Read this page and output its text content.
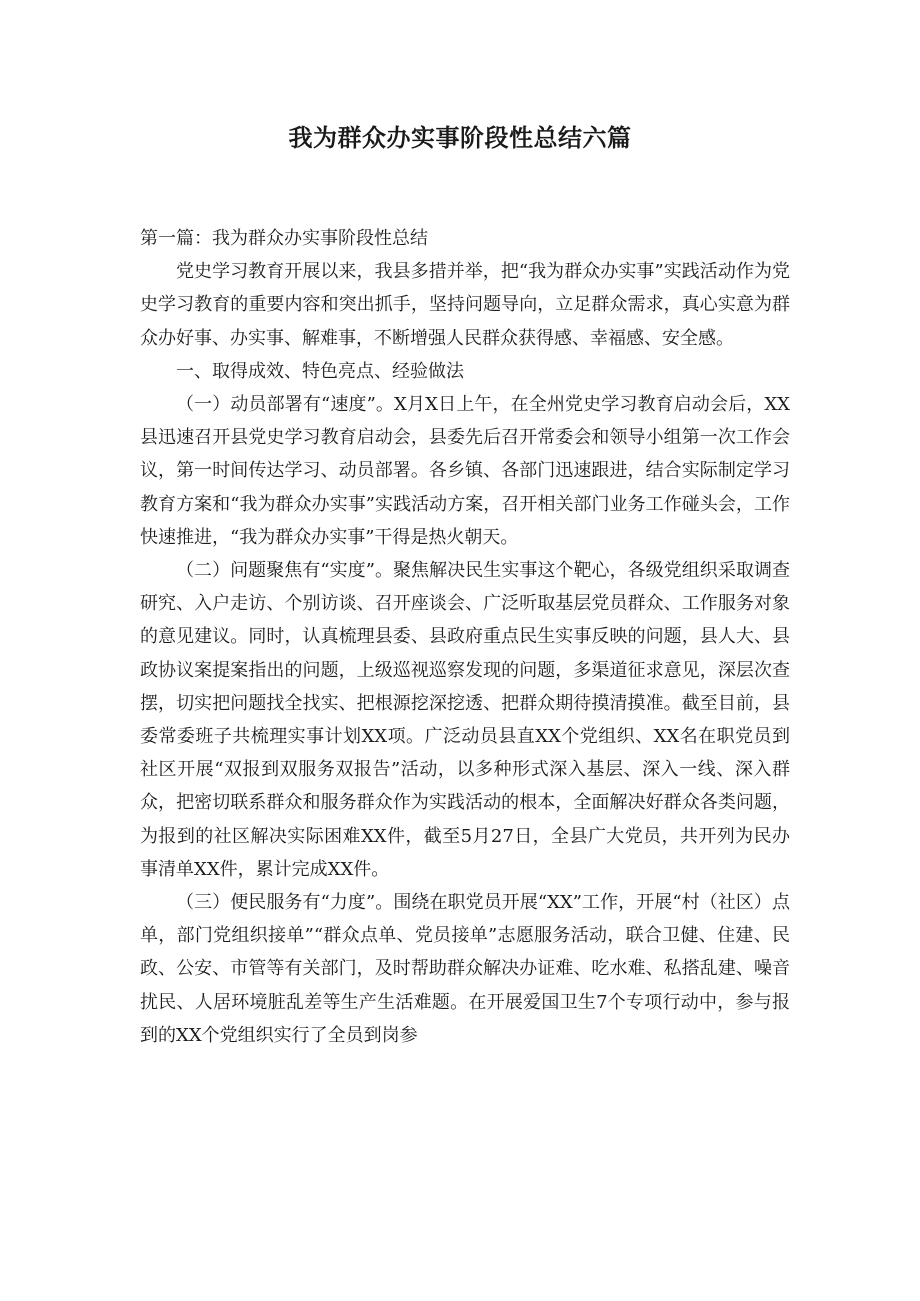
我为群众办实事阶段性总结六篇

第一篇：我为群众办实事阶段性总结

党史学习教育开展以来，我县多措并举，把“我为群众办实事”实践活动作为党史学习教育的重要内容和突出抓手，坚持问题导向，立足群众需求，真心实意为群众办好事、办实事、解难事，不断增强人民群众获得感、幸福感、安全感。

一、取得成效、特色亮点、经验做法

（一）动员部署有“速度”。X月X日上午，在全州党史学习教育启动会后，XX县迅速召开县党史学习教育启动会，县委先后召开常委会和领导小组第一次工作会议，第一时间传达学习、动员部署。各乡镇、各部门迅速跟进，结合实际制定学习教育方案和“我为群众办实事”实践活动方案，召开相关部门业务工作碰头会，工作快速推进，“我为群众办实事”干得是热火朝天。

（二）问题聚焦有“实度”。聚焦解决民生实事这个靶心，各级党组织采取调查研究、入户走访、个别访谈、召开座谈会、广泛听取基层党员群众、工作服务对象的意见建议。同时，认真梳理县委、县政府重点民生实事反映的问题，县人大、县政协议案提案指出的问题，上级巡视巡察发现的问题，多渠道征求意见，深层次查摆，切实把问题找全找实、把根源挖深挖透、把群众期待摸清摸准。截至目前，县委常委班子共梳理实事计划XX项。广泛动员县直XX个党组织、XX名在职党员到社区开展“双报到双服务双报告”活动，以多种形式深入基层、深入一线、深入群众，把密切联系群众和服务群众作为实践活动的根本，全面解决好群众各类问题，为报到的社区解决实际困难XX件，截至5月27日，全县广大党员，共开列为民办事清单XX件，累计完成XX件。

（三）便民服务有“力度”。围绕在职党员开展“XX”工作，开展“村（社区）点单，部门党组织接单”“群众点单、党员接单”志愿服务活动，联合卫健、住建、民政、公安、市管等有关部门，及时帮助群众解决办证难、吃水难、私搭乱建、噪音扰民、人居环境脏乱差等生产生活难题。在开展爱国卫生7个专项行动中，参与报到的XX个党组织实行了全员到岗参
